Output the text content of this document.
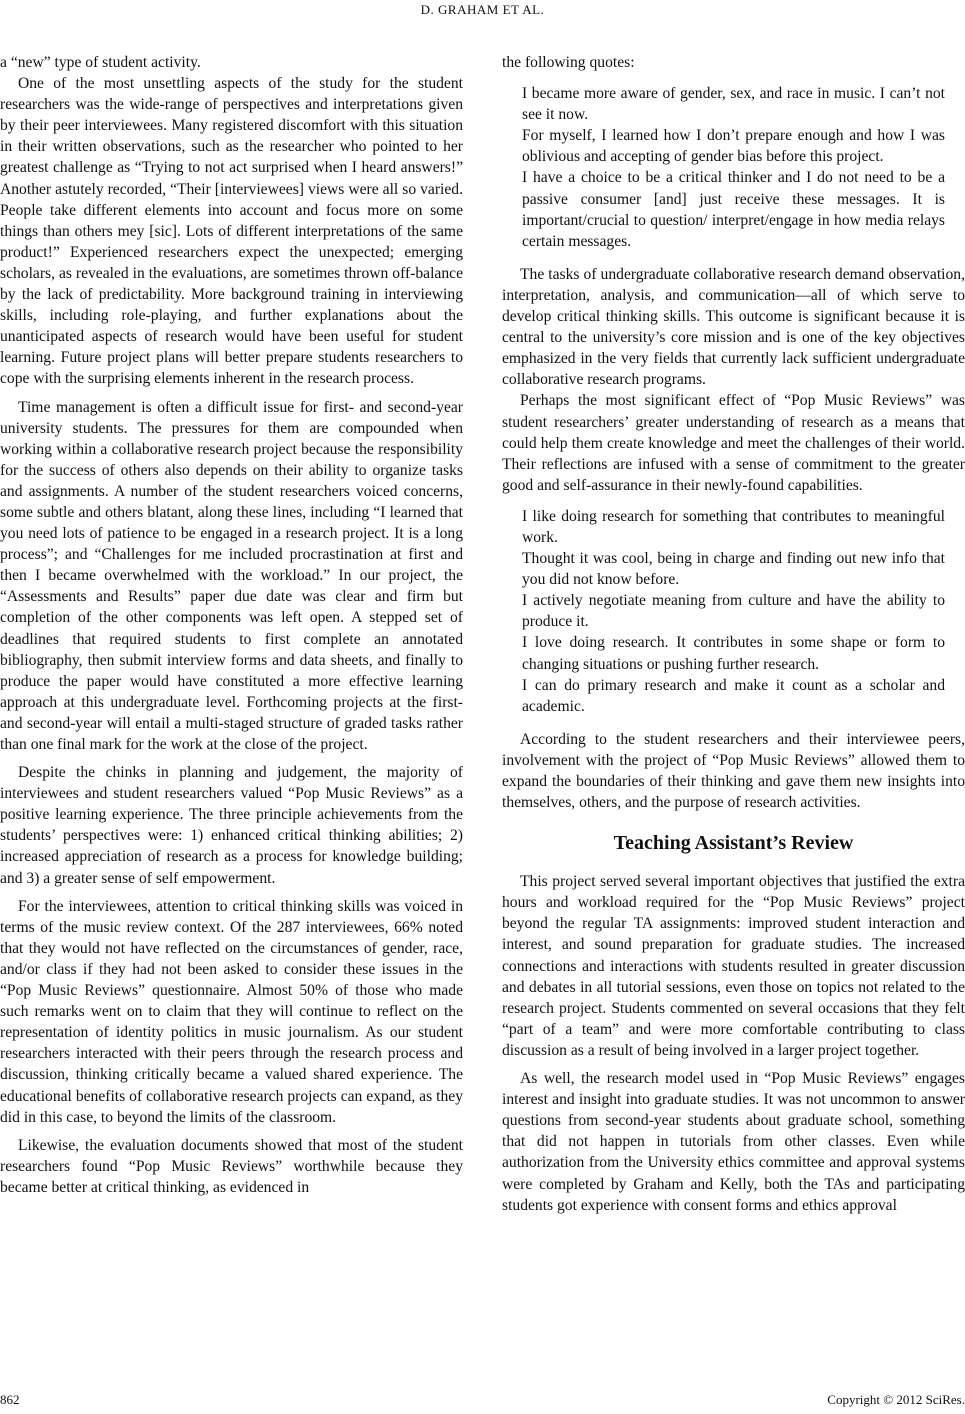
D. GRAHAM ET AL.

a “new” type of student activity.

One of the most unsettling aspects of the study for the student researchers was the wide-range of perspectives and interpretations given by their peer interviewees. Many registered discomfort with this situation in their written observations, such as the researcher who pointed to her greatest challenge as “Trying to not act surprised when I heard answers!” Another astutely recorded, “Their [interviewees] views were all so varied. People take different elements into account and focus more on some things than others mey [sic]. Lots of different interpretations of the same product!” Experienced researchers expect the unexpected; emerging scholars, as revealed in the evaluations, are sometimes thrown off-balance by the lack of predictability. More background training in interviewing skills, including role-playing, and further explanations about the unanticipated aspects of research would have been useful for student learning. Future project plans will better prepare students researchers to cope with the surprising elements inherent in the research process.

Time management is often a difficult issue for first- and second-year university students. The pressures for them are compounded when working within a collaborative research project because the responsibility for the success of others also depends on their ability to organize tasks and assignments. A number of the student researchers voiced concerns, some subtle and others blatant, along these lines, including “I learned that you need lots of patience to be engaged in a research project. It is a long process”; and “Challenges for me included procrastination at first and then I became overwhelmed with the workload.” In our project, the “Assessments and Results” paper due date was clear and firm but completion of the other components was left open. A stepped set of deadlines that required students to first complete an annotated bibliography, then submit interview forms and data sheets, and finally to produce the paper would have constituted a more effective learning approach at this undergraduate level. Forthcoming projects at the first- and second-year will entail a multi-staged structure of graded tasks rather than one final mark for the work at the close of the project.

Despite the chinks in planning and judgement, the majority of interviewees and student researchers valued “Pop Music Reviews” as a positive learning experience. The three principle achievements from the students’ perspectives were: 1) enhanced critical thinking abilities; 2) increased appreciation of research as a process for knowledge building; and 3) a greater sense of self empowerment.

For the interviewees, attention to critical thinking skills was voiced in terms of the music review context. Of the 287 interviewees, 66% noted that they would not have reflected on the circumstances of gender, race, and/or class if they had not been asked to consider these issues in the “Pop Music Reviews” questionnaire. Almost 50% of those who made such remarks went on to claim that they will continue to reflect on the representation of identity politics in music journalism. As our student researchers interacted with their peers through the research process and discussion, thinking critically became a valued shared experience. The educational benefits of collaborative research projects can expand, as they did in this case, to beyond the limits of the classroom.

Likewise, the evaluation documents showed that most of the student researchers found “Pop Music Reviews” worthwhile because they became better at critical thinking, as evidenced in

the following quotes:

I became more aware of gender, sex, and race in music. I can’t not see it now.

For myself, I learned how I don’t prepare enough and how I was oblivious and accepting of gender bias before this project.

I have a choice to be a critical thinker and I do not need to be a passive consumer [and] just receive these messages. It is important/crucial to question/ interpret/engage in how media relays certain messages.

The tasks of undergraduate collaborative research demand observation, interpretation, analysis, and communication—all of which serve to develop critical thinking skills. This outcome is significant because it is central to the university’s core mission and is one of the key objectives emphasized in the very fields that currently lack sufficient undergraduate collaborative research programs.

Perhaps the most significant effect of “Pop Music Reviews” was student researchers’ greater understanding of research as a means that could help them create knowledge and meet the challenges of their world. Their reflections are infused with a sense of commitment to the greater good and self-assurance in their newly-found capabilities.

I like doing research for something that contributes to meaningful work.

Thought it was cool, being in charge and finding out new info that you did not know before.

I actively negotiate meaning from culture and have the ability to produce it.

I love doing research. It contributes in some shape or form to changing situations or pushing further research.

I can do primary research and make it count as a scholar and academic.

According to the student researchers and their interviewee peers, involvement with the project of “Pop Music Reviews” allowed them to expand the boundaries of their thinking and gave them new insights into themselves, others, and the purpose of research activities.

Teaching Assistant’s Review

This project served several important objectives that justified the extra hours and workload required for the “Pop Music Reviews” project beyond the regular TA assignments: improved student interaction and interest, and sound preparation for graduate studies. The increased connections and interactions with students resulted in greater discussion and debates in all tutorial sessions, even those on topics not related to the research project. Students commented on several occasions that they felt “part of a team” and were more comfortable contributing to class discussion as a result of being involved in a larger project together.

As well, the research model used in “Pop Music Reviews” engages interest and insight into graduate studies. It was not uncommon to answer questions from second-year students about graduate school, something that did not happen in tutorials from other classes. Even while authorization from the University ethics committee and approval systems were completed by Graham and Kelly, both the TAs and participating students got experience with consent forms and ethics approval

862	Copyright © 2012 SciRes.
